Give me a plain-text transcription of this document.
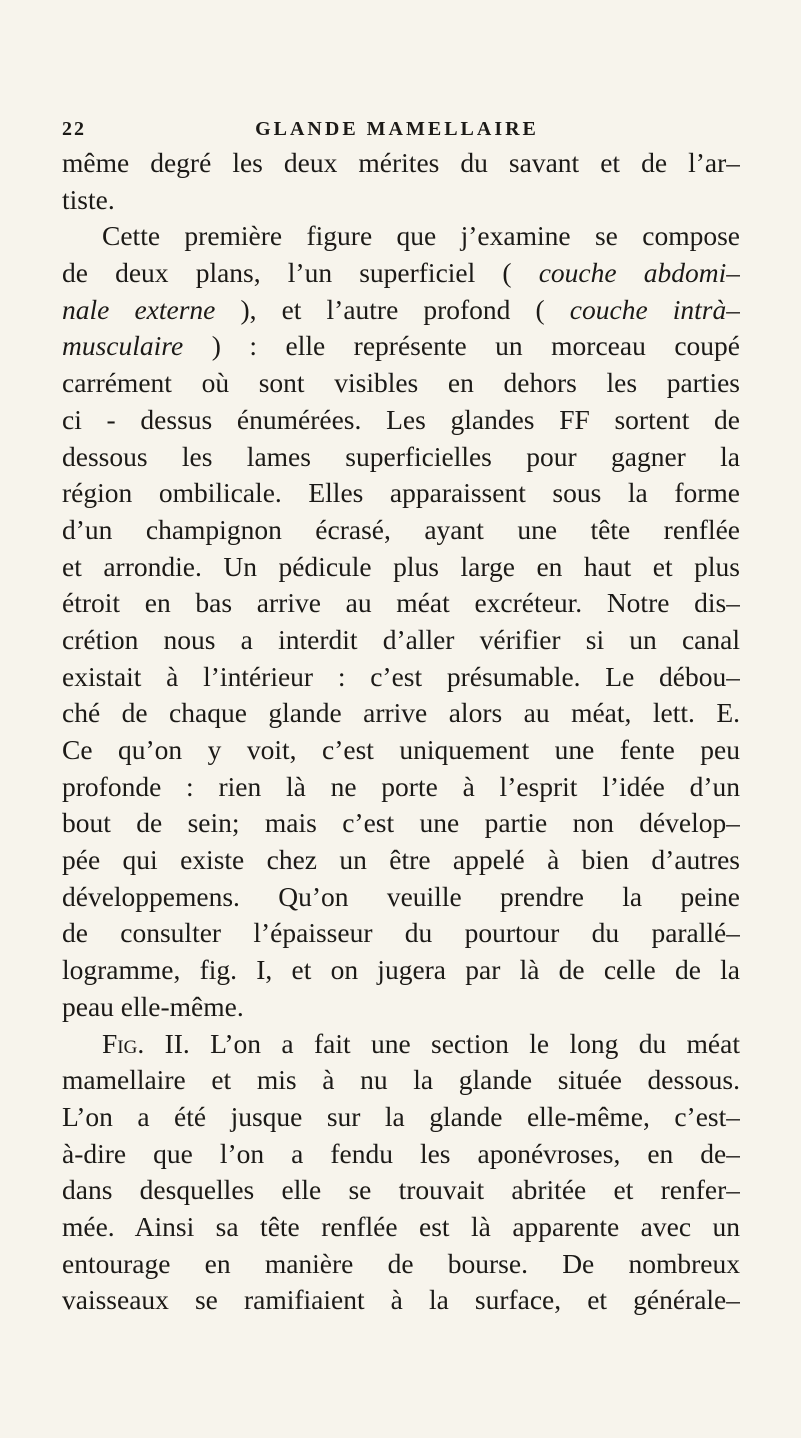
22	GLANDE MAMELLAIRE
même degré les deux mérites du savant et de l’ar–
tiste.
Cette première figure que j’examine se compose
de deux plans, l’un superficiel ( couche abdomi–
nale externe ), et l’autre profond ( couche intrà–
musculaire ) : elle représente un morceau coupé
carrément où sont visibles en dehors les parties
ci - dessus énumérées. Les glandes FF sortent de
dessous les lames superficielles pour gagner la
région ombilicale. Elles apparaissent sous la forme
d’un champignon écrasé, ayant une tête renflée
et arrondie. Un pédicule plus large en haut et plus
étroit en bas arrive au méat excréteur. Notre dis–
crétion nous a interdit d’aller vérifier si un canal
existait à l’intérieur : c’est présumable. Le débou–
ché de chaque glande arrive alors au méat, lett. E.
Ce qu’on y voit, c’est uniquement une fente peu
profonde : rien là ne porte à l’esprit l’idée d’un
bout de sein; mais c’est une partie non dévelop–
pée qui existe chez un être appelé à bien d’autres
développemens. Qu’on veuille prendre la peine
de consulter l’épaisseur du pourtour du parallé–
logramme, fig. I, et on jugera par là de celle de la
peau elle-même.
Fig. II. L’on a fait une section le long du méat
mamellaire et mis à nu la glande située dessous.
L’on a été jusque sur la glande elle-même, c’est–
à-dire que l’on a fendu les aponévroses, en de–
dans desquelles elle se trouvait abritée et renfer–
mée. Ainsi sa tête renflée est là apparente avec un
entourage en manière de bourse. De nombreux
vaisseaux se ramifiaient à la surface, et générale–
